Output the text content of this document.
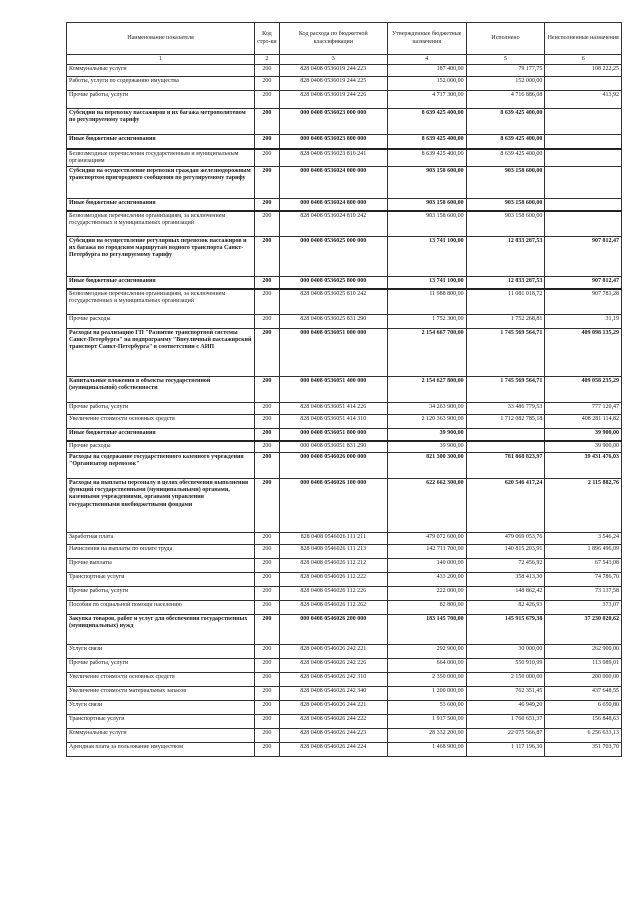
Наименование показателя	Код стро-ки	Код расхода по бюджетной классификации	Утвержденные бюджетные назначения	Исполнено	Неисполненные назначения
1	2	3	4	5	6
Коммунальные услуги	200	828 0408 0536019 244 223	187 400,00	79 177,75	108 222,25
Работы, услуги по содержанию имущества	200	828 0408 0536019 244 225	152 000,00	152 000,00	
Прочие работы, услуги	200	828 0408 0536019 244 226	4 717 300,00	4 716 886,08	413,92
Субсидии на перевозку пассажиров и их багажа метрополитеном по регулируемому тарифу	200	000 0408 0536023 000 000	8 639 425 400,00	8 639 425 400,00	
Иные бюджетные ассигнования	200	000 0408 0536023 800 000	8 639 425 400,00	8 639 425 400,00	
Безвозмездные перечисления государственным и муниципальным организациям	200	828 0408 0536023 810 241	8 639 425 400,00	8 639 425 400,00	
Субсидия на осуществление перевозки граждан железнодорожным транспортом пригородного сообщения по регулируемому тарифу	200	000 0408 0536024 000 000	903 158 600,00	903 158 600,00	
Иные бюджетные ассигнования	200	000 0408 0536024 800 000	903 158 600,00	903 158 600,00	
Безвозмездные перечисления организациям, за исключением государственных и муниципальных организаций	200	828 0408 0536024 810 242	903 158 600,00	903 158 600,00	
Субсидия на осуществление регулярных перевозок пассажиров и их багажа по городским маршрутам водного транспорта Санкт-Петербурга по регулируемому тарифу	200	000 0408 0536025 000 000	13 741 100,00	12 833 287,53	907 812,47
Иные бюджетные ассигнования	200	000 0408 0536025 800 000	13 741 100,00	12 833 287,53	907 812,47
Безвозмездные перечисления организациям, за исключением государственных и муниципальных организаций	200	828 0408 0536025 810 242	11 988 800,00	11 081 018,72	907 781,28
Прочие расходы	200	828 0408 0536025 831 290	1 752 300,00	1 752 268,81	31,19
Расходы на реализацию ГП "Развитие транспортной системы Санкт-Петербурга" на подпрограмму "Внеуличный пассажирский транспорт Санкт-Петербурга" в соответствии с АИП	200	000 0408 0536051 000 000	2 154 667 700,00	1 745 569 564,71	409 098 135,29
Капитальные вложения в объекты государственной (муниципальной) собственности	200	000 0408 0536051 400 000	2 154 627 800,00	1 745 569 564,71	409 058 235,29
Прочие работы, услуги	200	828 0408 0536051 414 226	34 263 900,00	33 486 779,53	777 120,47
Увеличение стоимости основных средств	200	828 0408 0536051 414 310	2 120 363 900,00	1 712 082 785,18	408 281 114,82
Иные бюджетные ассигнования	200	000 0408 0536051 800 000	39 900,00		39 900,00
Прочие расходы	200	000 0408 0536051 831 290	39 900,00		39 900,00
Расходы на содержание государственного казенного учреждения "Организатор перевозок"	200	000 0408 0546026 000 000	821 300 300,00	781 868 823,97	39 431 476,03
Расходы на выплаты персоналу в целях обеспечения выполнения функций государственными (муниципальными) органами, казенными учреждениями, органами управления государственными внебюджетными фондами	200	000 0408 0546026 100 000	622 662 300,00	620 546 417,24	2 115 882,76
Заработная плата	200	828 0408 0546026 111 211	479 072 600,00	479 069 053,76	3 546,24
Начисления на выплаты по оплате труда	200	828 0408 0546026 111 213	142 711 700,00	140 815 203,91	1 896 496,09
Прочие выплаты	200	828 0408 0546026 112 212	140 000,00	72 456,92	67 543,08
Транспортные услуги	200	828 0408 0546026 112 222	433 200,00	358 413,30	74 786,70
Прочие работы, услуги	200	828 0408 0546026 112 226	222 000,00	148 862,42	73 137,58
Пособия по социальной помощи населению	200	828 0408 0546026 112 262	82 800,00	82 426,93	373,07
Закупка товаров, работ и услуг для обеспечения государственных (муниципальных) нужд	200	000 0408 0546026 200 000	183 145 700,00	145 915 679,38	37 230 020,62
Услуги связи	200	828 0408 0546026 242 221	292 900,00	30 000,00	262 900,00
Прочие работы, услуги	200	828 0408 0546026 242 226	664 000,00	550 910,99	113 089,01
Увеличение стоимости основных средств	200	828 0408 0546026 242 310	2 350 000,00	2 150 000,00	200 000,00
Увеличение стоимости материальных запасов	200	828 0408 0546026 242 340	1 200 000,00	762 351,45	437 648,55
Услуги связи	200	828 0408 0546026 244 221	53 600,00	46 949,20	6 650,80
Транспортные услуги	200	828 0408 0546026 244 222	1 917 500,00	1 760 651,37	156 848,63
Коммунальные услуги	200	828 0408 0546026 244 223	28 332 200,00	22 075 566,87	6 256 633,13
Арендная плата за пользование имуществом	200	828 0408 0546026 244 224	1 468 900,00	1 117 196,30	351 703,70
